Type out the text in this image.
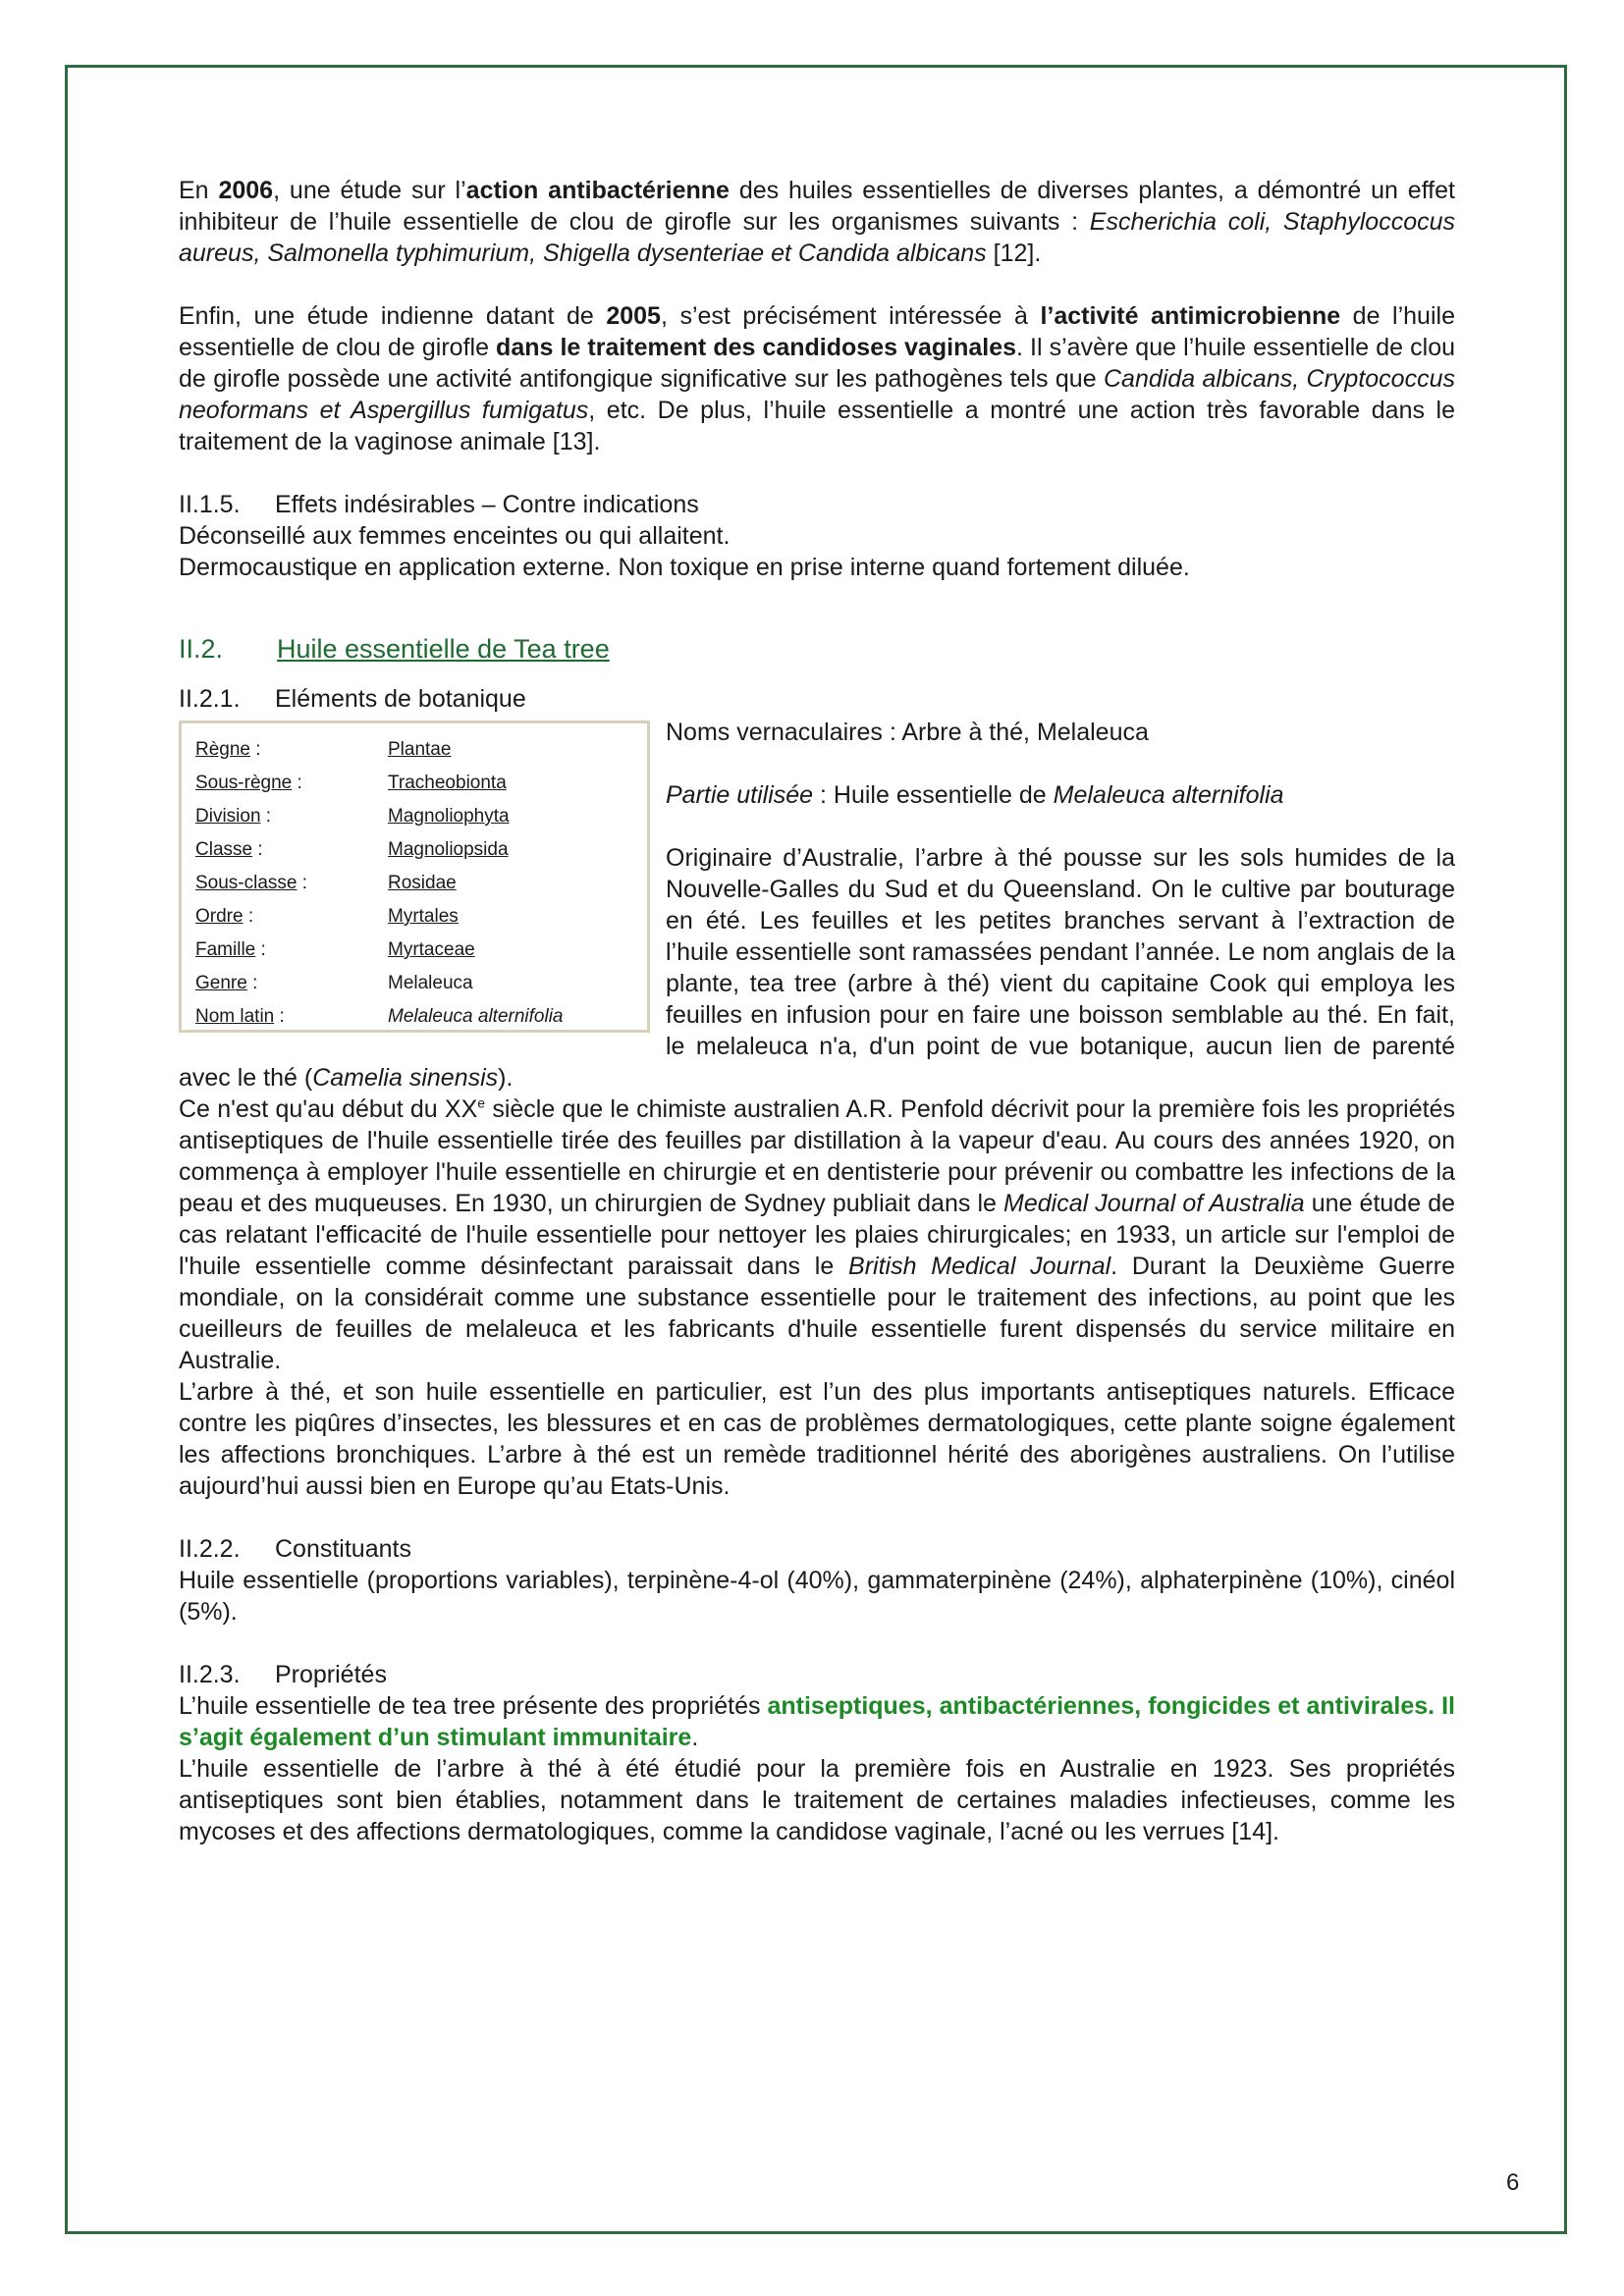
En 2006, une étude sur l’action antibactérienne des huiles essentielles de diverses plantes, a démontré un effet inhibiteur de l’huile essentielle de clou de girofle sur les organismes suivants : Escherichia coli, Staphyloccocus aureus, Salmonella typhimurium, Shigella dysenteriae et Candida albicans [12].

Enfin, une étude indienne datant de 2005, s’est précisément intéressée à l’activité antimicrobienne de l’huile essentielle de clou de girofle dans le traitement des candidoses vaginales. Il s’avère que l’huile essentielle de clou de girofle possède une activité antifongique significative sur les pathogènes tels que Candida albicans, Cryptococcus neoformans et Aspergillus fumigatus, etc. De plus, l’huile essentielle a montré une action très favorable dans le traitement de la vaginose animale [13].

II.1.5. Effets indésirables – Contre indications

Déconseillé aux femmes enceintes ou qui allaitent.

Dermocaustique en application externe. Non toxique en prise interne quand fortement diluée.

II.2. Huile essentielle de Tea tree

II.2.1. Eléments de botanique

Règne :	Plantae
Sous-règne :	Tracheobionta
Division :	Magnoliophyta
Classe :	Magnoliopsida
Sous-classe :	Rosidae
Ordre :	Myrtales
Famille :	Myrtaceae
Genre :	Melaleuca
Nom latin :	Melaleuca alternifolia

Noms vernaculaires : Arbre à thé, Melaleuca

Partie utilisée : Huile essentielle de Melaleuca alternifolia

Originaire d’Australie, l’arbre à thé pousse sur les sols humides de la Nouvelle-Galles du Sud et du Queensland. On le cultive par bouturage en été. Les feuilles et les petites branches servant à l’extraction de l’huile essentielle sont ramassées pendant l’année. Le nom anglais de la plante, tea tree (arbre à thé) vient du capitaine Cook qui employa les feuilles en infusion pour en faire une boisson semblable au thé. En fait, le melaleuca n'a, d'un point de vue botanique, aucun lien de parenté avec le thé (Camelia sinensis).

Ce n'est qu'au début du XXe siècle que le chimiste australien A.R. Penfold décrivit pour la première fois les propriétés antiseptiques de l'huile essentielle tirée des feuilles par distillation à la vapeur d'eau. Au cours des années 1920, on commença à employer l'huile essentielle en chirurgie et en dentisterie pour prévenir ou combattre les infections de la peau et des muqueuses. En 1930, un chirurgien de Sydney publiait dans le Medical Journal of Australia une étude de cas relatant l'efficacité de l'huile essentielle pour nettoyer les plaies chirurgicales; en 1933, un article sur l'emploi de l'huile essentielle comme désinfectant paraissait dans le British Medical Journal. Durant la Deuxième Guerre mondiale, on la considérait comme une substance essentielle pour le traitement des infections, au point que les cueilleurs de feuilles de melaleuca et les fabricants d'huile essentielle furent dispensés du service militaire en Australie.

L’arbre à thé, et son huile essentielle en particulier, est l’un des plus importants antiseptiques naturels. Efficace contre les piqûres d’insectes, les blessures et en cas de problèmes dermatologiques, cette plante soigne également les affections bronchiques. L’arbre à thé est un remède traditionnel hérité des aborigènes australiens. On l’utilise aujourd’hui aussi bien en Europe qu’au Etats-Unis.

II.2.2. Constituants

Huile essentielle (proportions variables), terpinène-4-ol (40%), gammaterpinène (24%), alphaterpinène (10%), cinéol (5%).

II.2.3. Propriétés

L’huile essentielle de tea tree présente des propriétés antiseptiques, antibactériennes, fongicides et antivirales. Il s’agit également d’un stimulant immunitaire.

L’huile essentielle de l’arbre à thé à été étudié pour la première fois en Australie en 1923. Ses propriétés antiseptiques sont bien établies, notamment dans le traitement de certaines maladies infectieuses, comme les mycoses et des affections dermatologiques, comme la candidose vaginale, l’acné ou les verrues [14].

6
